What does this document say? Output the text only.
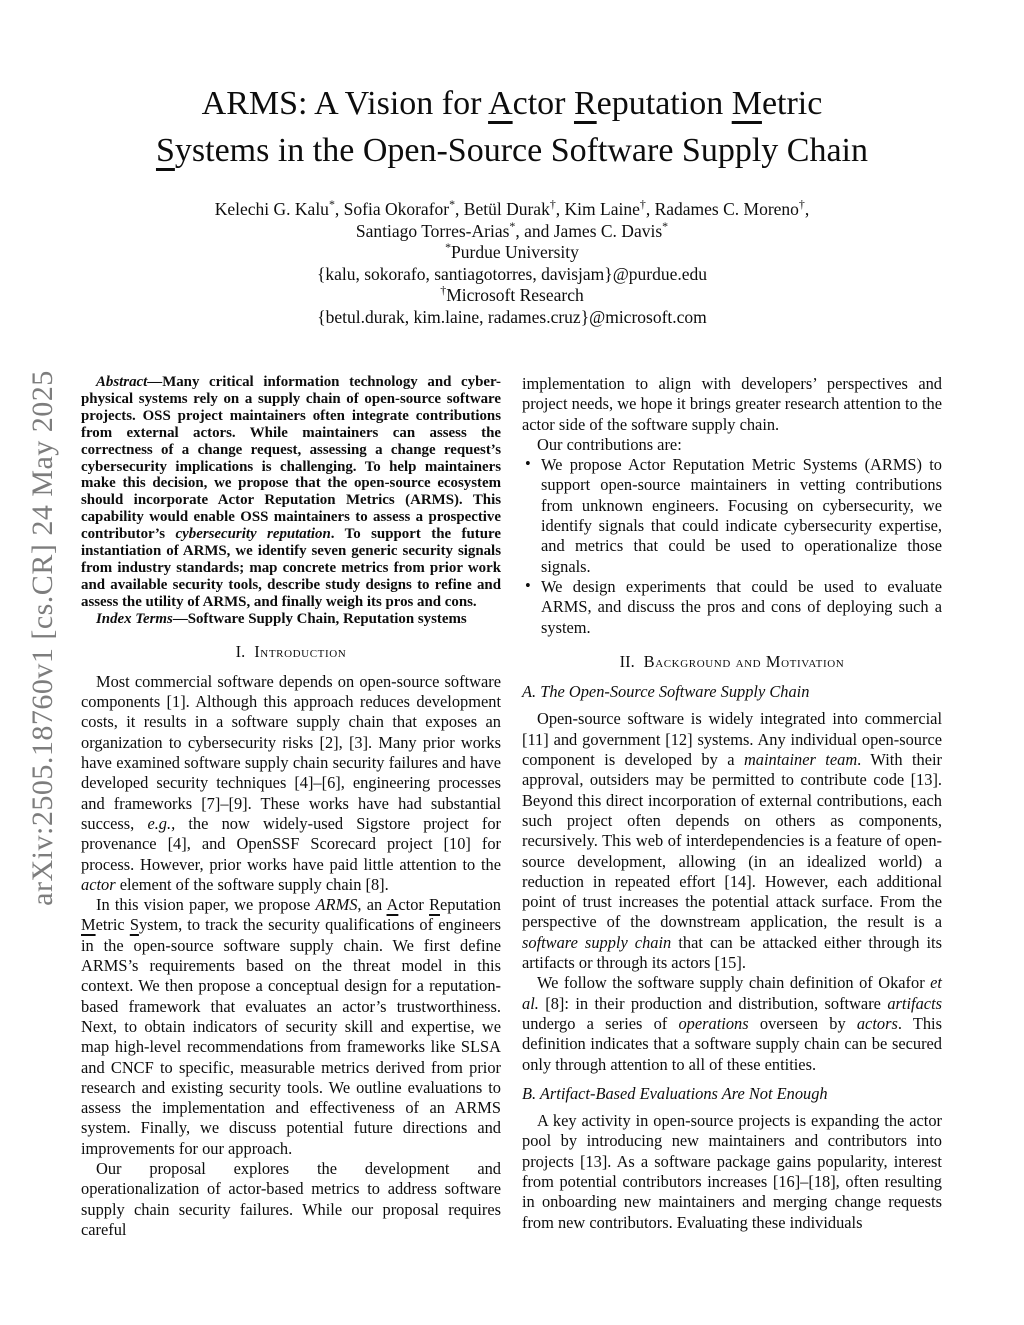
arXiv:2505.18760v1 [cs.CR] 24 May 2025
ARMS: A Vision for Actor Reputation Metric
Systems in the Open-Source Software Supply Chain
Kelechi G. Kalu*, Sofia Okorafor*, Betül Durak†, Kim Laine†, Radames C. Moreno†,
Santiago Torres-Arias*, and James C. Davis*
*Purdue University
{kalu, sokorafo, santiagotorres, davisjam}@purdue.edu
†Microsoft Research
{betul.durak, kim.laine, radames.cruz}@microsoft.com

Abstract—Many critical information technology and cyber-physical systems rely on a supply chain of open-source software projects. OSS project maintainers often integrate contributions from external actors. While maintainers can assess the correctness of a change request, assessing a change request’s cybersecurity implications is challenging. To help maintainers make this decision, we propose that the open-source ecosystem should incorporate Actor Reputation Metrics (ARMS). This capability would enable OSS maintainers to assess a prospective contributor’s cybersecurity reputation. To support the future instantiation of ARMS, we identify seven generic security signals from industry standards; map concrete metrics from prior work and available security tools, describe study designs to refine and assess the utility of ARMS, and finally weigh its pros and cons.

Index Terms—Software Supply Chain, Reputation systems

I. Introduction

Most commercial software depends on open-source software components [1]. Although this approach reduces development costs, it results in a software supply chain that exposes an organization to cybersecurity risks [2], [3]. Many prior works have examined software supply chain security failures and have developed security techniques [4]–[6], engineering processes and frameworks [7]–[9]. These works have had substantial success, e.g., the now widely-used Sigstore project for provenance [4], and OpenSSF Scorecard project [10] for process. However, prior works have paid little attention to the actor element of the software supply chain [8].

In this vision paper, we propose ARMS, an Actor Reputation Metric System, to track the security qualifications of engineers in the open-source software supply chain. We first define ARMS’s requirements based on the threat model in this context. We then propose a conceptual design for a reputation-based framework that evaluates an actor’s trustworthiness. Next, to obtain indicators of security skill and expertise, we map high-level recommendations from frameworks like SLSA and CNCF to specific, measurable metrics derived from prior research and existing security tools. We outline evaluations to assess the implementation and effectiveness of an ARMS system. Finally, we discuss potential future directions and improvements for our approach.

Our proposal explores the development and operationalization of actor-based metrics to address software supply chain security failures. While our proposal requires careful

implementation to align with developers’ perspectives and project needs, we hope it brings greater research attention to the actor side of the software supply chain.

Our contributions are:

• We propose Actor Reputation Metric Systems (ARMS) to support open-source maintainers in vetting contributions from unknown engineers. Focusing on cybersecurity, we identify signals that could indicate cybersecurity expertise, and metrics that could be used to operationalize those signals.
• We design experiments that could be used to evaluate ARMS, and discuss the pros and cons of deploying such a system.
II. Background and Motivation
A. The Open-Source Software Supply Chain

Open-source software is widely integrated into commercial [11] and government [12] systems. Any individual open-source component is developed by a maintainer team. With their approval, outsiders may be permitted to contribute code [13]. Beyond this direct incorporation of external contributions, each such project often depends on others as components, recursively. This web of interdependencies is a feature of open-source development, allowing (in an idealized world) a reduction in repeated effort [14]. However, each additional point of trust increases the potential attack surface. From the perspective of the downstream application, the result is a software supply chain that can be attacked either through its artifacts or through its actors [15].

We follow the software supply chain definition of Okafor et al. [8]: in their production and distribution, software artifacts undergo a series of operations overseen by actors. This definition indicates that a software supply chain can be secured only through attention to all of these entities.

B. Artifact-Based Evaluations Are Not Enough

A key activity in open-source projects is expanding the actor pool by introducing new maintainers and contributors into projects [13]. As a software package gains popularity, interest from potential contributors increases [16]–[18], often resulting in onboarding new maintainers and merging change requests from new contributors. Evaluating these individuals
